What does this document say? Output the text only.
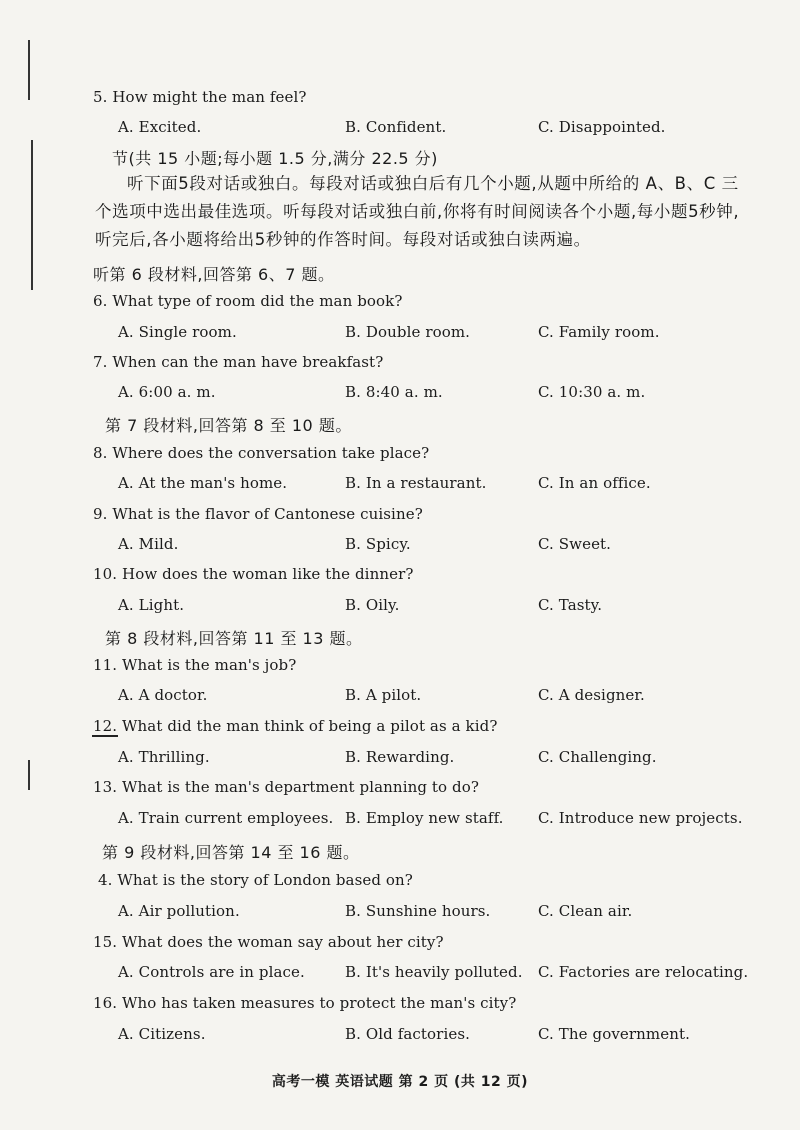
5. How might the man feel?
A. Excited.	B. Confident.	C. Disappointed.
节(共 15 小题;每小题 1.5 分,满分 22.5 分)
听下面5段对话或独白。每段对话或独白后有几个小题,从题中所给的 A、B、C 三个选项中选出最佳选项。听每段对话或独白前,你将有时间阅读各个小题,每小题5秒钟,听完后,各小题将给出5秒钟的作答时间。每段对话或独白读两遍。
听第 6 段材料,回答第 6、7 题。
6. What type of room did the man book?
A. Single room.	B. Double room.	C. Family room.
7. When can the man have breakfast?
A. 6:00 a. m.	B. 8:40 a. m.	C. 10:30 a. m.
第 7 段材料,回答第 8 至 10 题。
8. Where does the conversation take place?
A. At the man's home.	B. In a restaurant.	C. In an office.
9. What is the flavor of Cantonese cuisine?
A. Mild.	B. Spicy.	C. Sweet.
10. How does the woman like the dinner?
A. Light.	B. Oily.	C. Tasty.
第 8 段材料,回答第 11 至 13 题。
11. What is the man's job?
A. A doctor.	B. A pilot.	C. A designer.
12. What did the man think of being a pilot as a kid?
A. Thrilling.	B. Rewarding.	C. Challenging.
13. What is the man's department planning to do?
A. Train current employees. B. Employ new staff. C. Introduce new projects.
第 9 段材料,回答第 14 至 16 题。
4. What is the story of London based on?
A. Air pollution.	B. Sunshine hours.	C. Clean air.
15. What does the woman say about her city?
A. Controls are in place.	B. It's heavily polluted. C. Factories are relocating.
16. Who has taken measures to protect the man's city?
A. Citizens.	B. Old factories.	C. The government.
高考一模 英语试题 第 2 页 (共 12 页)
